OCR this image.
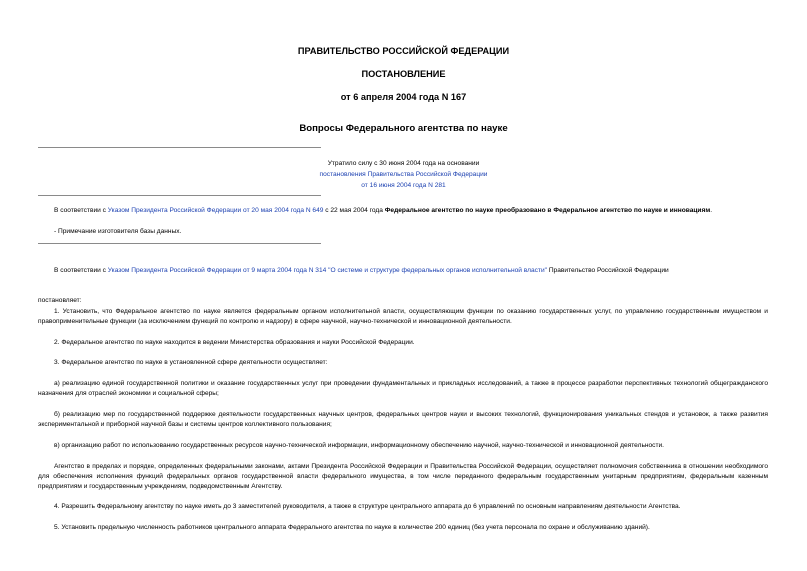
ПРАВИТЕЛЬСТВО РОССИЙСКОЙ ФЕДЕРАЦИИ
ПОСТАНОВЛЕНИЕ
от 6 апреля 2004 года N 167
Вопросы Федерального агентства по науке
Утратило силу с 30 июня 2004 года на основании
постановления Правительства Российской Федерации
от 16 июня 2004 года N 281
В соответствии с Указом Президента Российской Федерации от 20 мая 2004 года N 649 с 22 мая 2004 года Федеральное агентство по науке преобразовано в Федеральное агентство по науке и инновациям.
- Примечание изготовителя базы данных.
В соответствии с Указом Президента Российской Федерации от 9 марта 2004 года N 314 "О системе и структуре федеральных органов исполнительной власти" Правительство Российской Федерации
постановляет:
1. Установить, что Федеральное агентство по науке является федеральным органом исполнительной власти, осуществляющим функции по оказанию государственных услуг, по управлению государственным имуществом и правоприменительные функции (за исключением функций по контролю и надзору) в сфере научной, научно-технической и инновационной деятельности.
2. Федеральное агентство по науке находится в ведении Министерства образования и науки Российской Федерации.
3. Федеральное агентство по науке в установленной сфере деятельности осуществляет:
а) реализацию единой государственной политики и оказание государственных услуг при проведении фундаментальных и прикладных исследований, а также в процессе разработки перспективных технологий общегражданского назначения для отраслей экономики и социальной сферы;
б) реализацию мер по государственной поддержке деятельности государственных научных центров, федеральных центров науки и высоких технологий, функционирования уникальных стендов и установок, а также развития экспериментальной и приборной научной базы и системы центров коллективного пользования;
в) организацию работ по использованию государственных ресурсов научно-технической информации, информационному обеспечению научной, научно-технической и инновационной деятельности.
Агентство в пределах и порядке, определенных федеральными законами, актами Президента Российской Федерации и Правительства Российской Федерации, осуществляет полномочия собственника в отношении необходимого для обеспечения исполнения функций федеральных органов государственной власти федерального имущества, в том числе переданного федеральным государственным унитарным предприятиям, федеральным казенным предприятиям и государственным учреждениям, подведомственным Агентству.
4. Разрешить Федеральному агентству по науке иметь до 3 заместителей руководителя, а также в структуре центрального аппарата до 6 управлений по основным направлениям деятельности Агентства.
5. Установить предельную численность работников центрального аппарата Федерального агентства по науке в количестве 200 единиц (без учета персонала по охране и обслуживанию зданий).
